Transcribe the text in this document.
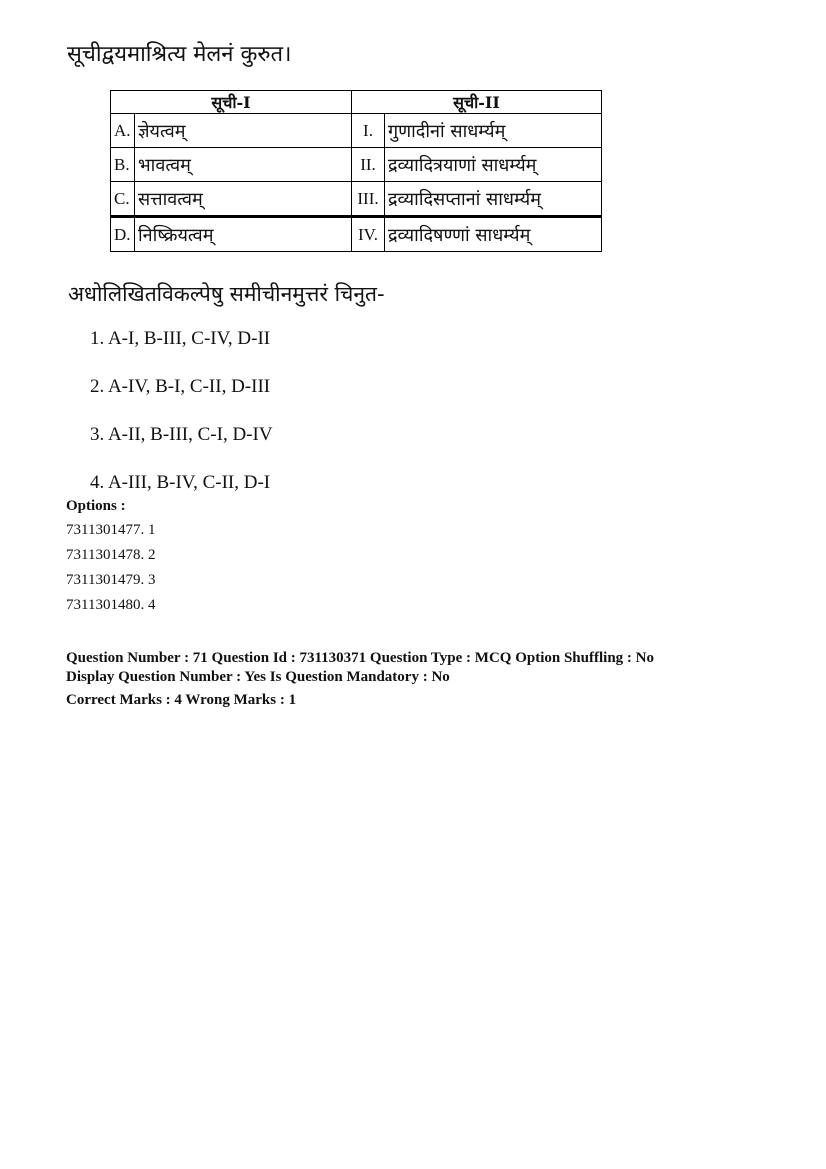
सूचीद्वयमाश्रित्य मेलनं कुरुत।
सूची-I		सूची-II	
A.	ज्ञेयत्वम्	I.	गुणादीनां साधर्म्यम्
B.	भावत्वम्	II.	द्रव्यादित्रयाणां साधर्म्यम्
C.	सत्तावत्वम्	III.	द्रव्यादिसप्तानां साधर्म्यम्
D.	निष्क्रियत्वम्	IV.	द्रव्यादिषण्णां साधर्म्यम्
अधोलिखितविकल्पेषु समीचीनमुत्तरं चिनुत-
1. A-I, B-III, C-IV, D-II
2. A-IV, B-I, C-II, D-III
3. A-II, B-III, C-I, D-IV
4. A-III, B-IV, C-II, D-I
Options :
7311301477. 1
7311301478. 2
7311301479. 3
7311301480. 4
Question Number : 71 Question Id : 731130371 Question Type : MCQ Option Shuffling : No
Display Question Number : Yes Is Question Mandatory : No
Correct Marks : 4 Wrong Marks : 1
